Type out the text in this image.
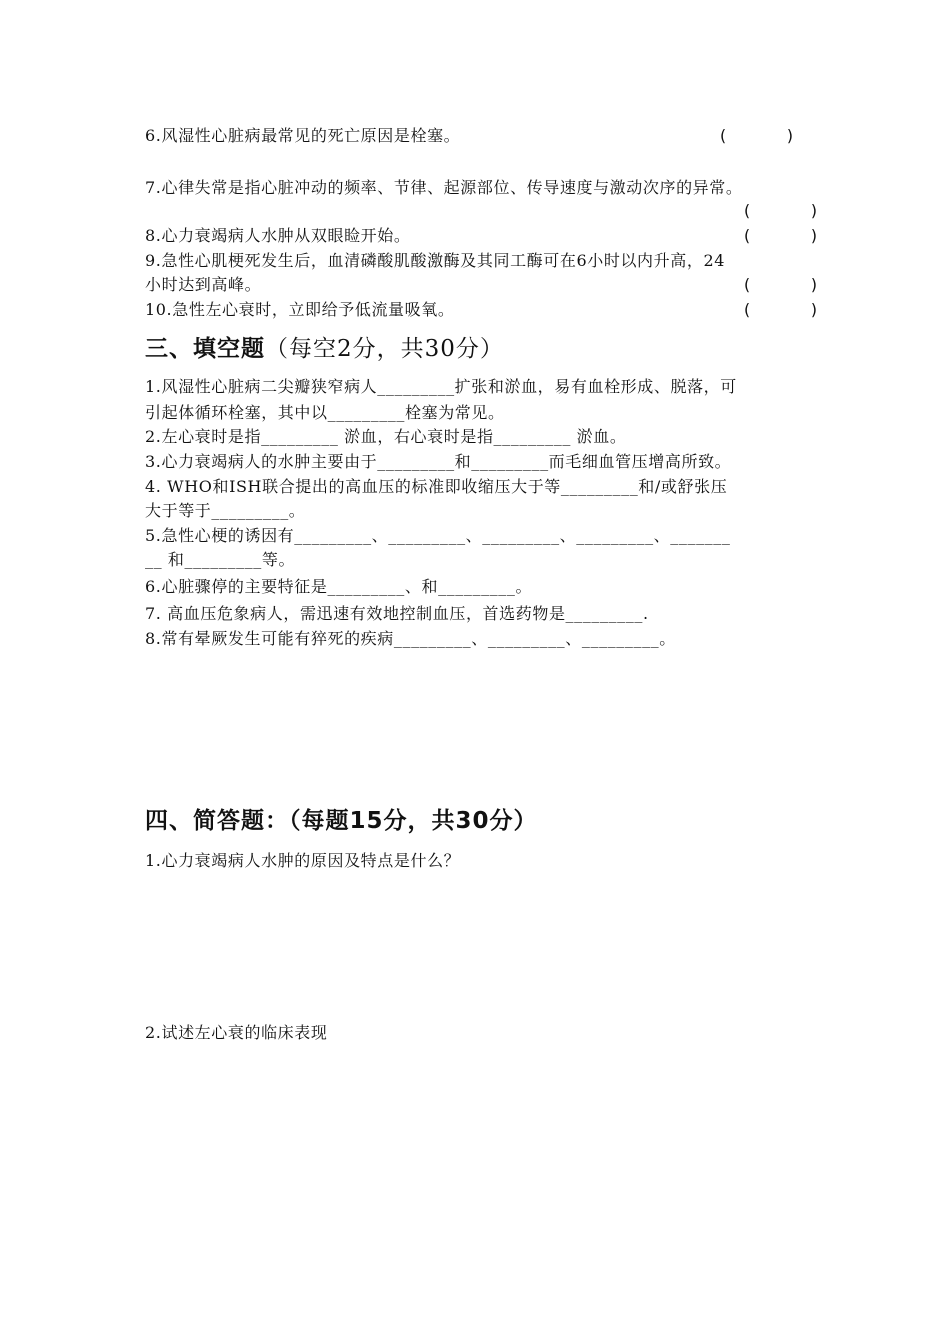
6.风湿性心脏病最常见的死亡原因是栓塞。	(      )
7.心律失常是指心脏冲动的频率、节律、起源部位、传导速度与激动次序的异常。
(      )
8.心力衰竭病人水肿从双眼睑开始。	(      )
9.急性心肌梗死发生后，血清磷酸肌酸激酶及其同工酶可在6小时以内升高，24
小时达到高峰。	(      )
10.急性左心衰时，立即给予低流量吸氧。	(      )
三、填空题（每空2分，共30分）
1.风湿性心脏病二尖瓣狭窄病人_________扩张和淤血，易有血栓形成、脱落，可
引起体循环栓塞，其中以_________栓塞为常见。
2.左心衰时是指_________ 淤血，右心衰时是指_________ 淤血。
3.心力衰竭病人的水肿主要由于_________和_________而毛细血管压增高所致。
4. WHO和ISH联合提出的高血压的标准即收缩压大于等_________和/或舒张压
大于等于_________。
5.急性心梗的诱因有_________、_________、_________、_________、_______
__ 和_________等。
6.心脏骤停的主要特征是_________、和_________。
7. 高血压危象病人，需迅速有效地控制血压，首选药物是_________.
8.常有晕厥发生可能有猝死的疾病_________、_________、_________。
四、简答题：（每题15分，共30分）
1.心力衰竭病人水肿的原因及特点是什么？
2.试述左心衰的临床表现
